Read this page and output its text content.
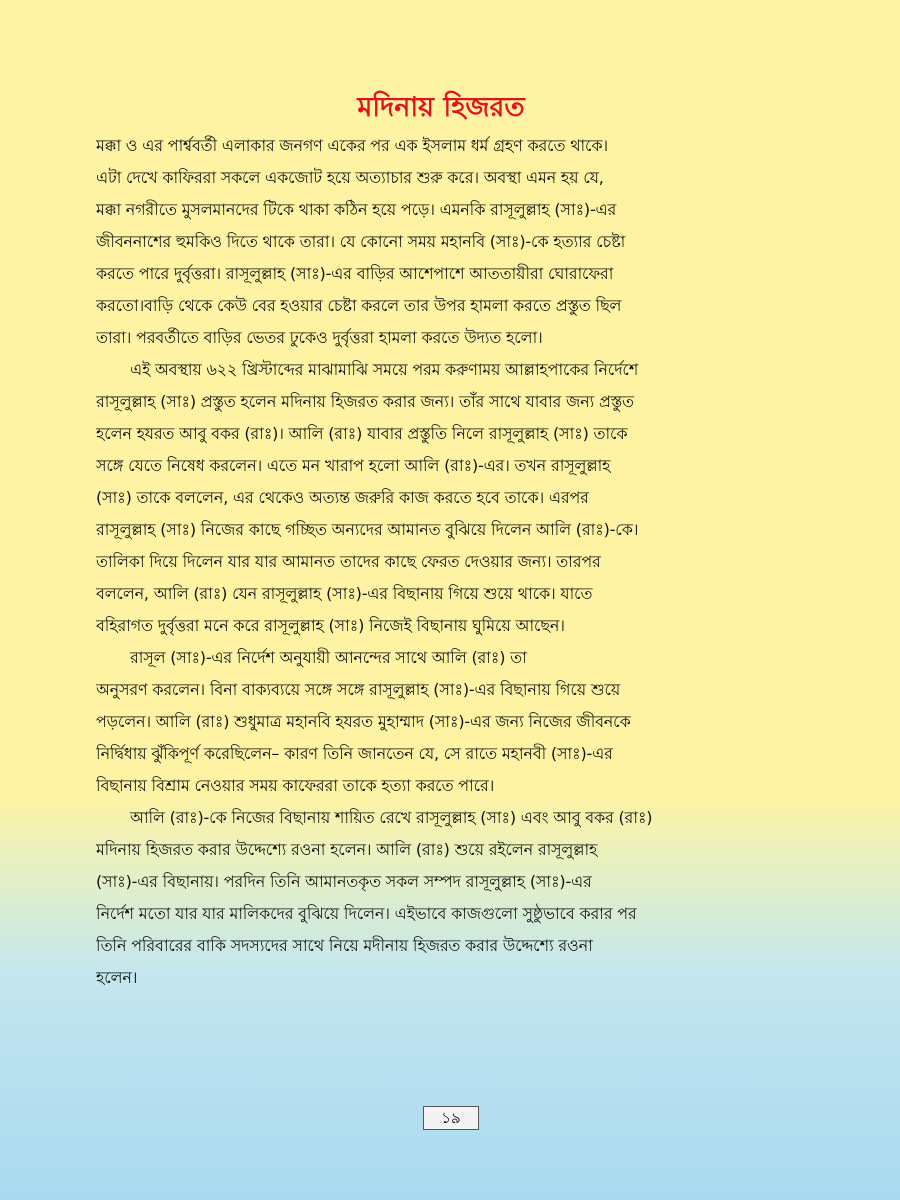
মদিনায় হিজরত
মক্কা ও এর পার্শ্ববর্তী এলাকার জনগণ একের পর এক ইসলাম ধর্ম গ্রহণ করতে থাকে।
এটা দেখে কাফিররা সকলে একজোট হয়ে অত্যাচার শুরু করে। অবস্থা এমন হয় যে,
মক্কা নগরীতে মুসলমানদের টিকে থাকা কঠিন হয়ে পড়ে। এমনকি রাসূলুল্লাহ (সাঃ)-এর
জীবননাশের হুমকিও দিতে থাকে তারা। যে কোনো সময় মহানবি (সাঃ)-কে হত্যার চেষ্টা
করতে পারে দুর্বৃত্তরা। রাসূলুল্লাহ (সাঃ)-এর বাড়ির আশেপাশে আততায়ীরা ঘোরাফেরা
করতো।বাড়ি থেকে কেউ বের হওয়ার চেষ্টা করলে তার উপর হামলা করতে প্রস্তুত ছিল
তারা। পরবর্তীতে বাড়ির ভেতর ঢুকেও দুর্বৃত্তরা হামলা করতে উদ্যত হলো।
এই অবস্থায় ৬২২ খ্রিস্টাব্দের মাঝামাঝি সময়ে পরম করুণাময় আল্লাহপাকের নির্দেশে
রাসূলুল্লাহ (সাঃ) প্রস্তুত হলেন মদিনায় হিজরত করার জন্য। তাঁর সাথে যাবার জন্য প্রস্তুত
হলেন হযরত আবু বকর (রাঃ)। আলি (রাঃ) যাবার প্রস্তুতি নিলে রাসূলুল্লাহ (সাঃ) তাকে
সঙ্গে যেতে নিষেধ করলেন। এতে মন খারাপ হলো আলি (রাঃ)-এর। তখন রাসূলুল্লাহ
(সাঃ) তাকে বললেন, এর থেকেও অত্যন্ত জরুরি কাজ করতে হবে তাকে। এরপর
রাসূলুল্লাহ (সাঃ) নিজের কাছে গচ্ছিত অন্যদের আমানত বুঝিয়ে দিলেন আলি (রাঃ)-কে।
তালিকা দিয়ে দিলেন যার যার আমানত তাদের কাছে ফেরত দেওয়ার জন্য। তারপর
বললেন, আলি (রাঃ) যেন রাসূলুল্লাহ (সাঃ)-এর বিছানায় গিয়ে শুয়ে থাকে। যাতে
বহিরাগত দুর্বৃত্তরা মনে করে রাসূলুল্লাহ (সাঃ) নিজেই বিছানায় ঘুমিয়ে আছেন।
রাসূল (সাঃ)-এর নির্দেশ অনুযায়ী আনন্দের সাথে আলি (রাঃ) তা
অনুসরণ করলেন। বিনা বাক্যব্যয়ে সঙ্গে সঙ্গে রাসূলুল্লাহ (সাঃ)-এর বিছানায় গিয়ে শুয়ে
পড়লেন। আলি (রাঃ) শুধুমাত্র মহানবি হযরত মুহাম্মাদ (সাঃ)-এর জন্য নিজের জীবনকে
নির্দ্বিধায় ঝুঁকিপূর্ণ করেছিলেন– কারণ তিনি জানতেন যে, সে রাতে মহানবী (সাঃ)-এর
বিছানায় বিশ্রাম নেওয়ার সময় কাফেররা তাকে হত্যা করতে পারে।
আলি (রাঃ)-কে নিজের বিছানায় শায়িত রেখে রাসূলুল্লাহ (সাঃ) এবং আবু বকর (রাঃ)
মদিনায় হিজরত করার উদ্দেশ্যে রওনা হলেন। আলি (রাঃ) শুয়ে রইলেন রাসূলুল্লাহ
(সাঃ)-এর বিছানায়। পরদিন তিনি আমানতকৃত সকল সম্পদ রাসূলুল্লাহ (সাঃ)-এর
নির্দেশ মতো যার যার মালিকদের বুঝিয়ে দিলেন। এইভাবে কাজগুলো সুষ্ঠুভাবে করার পর
তিনি পরিবারের বাকি সদস্যদের সাথে নিয়ে মদীনায় হিজরত করার উদ্দেশ্যে রওনা
হলেন।
১৯
